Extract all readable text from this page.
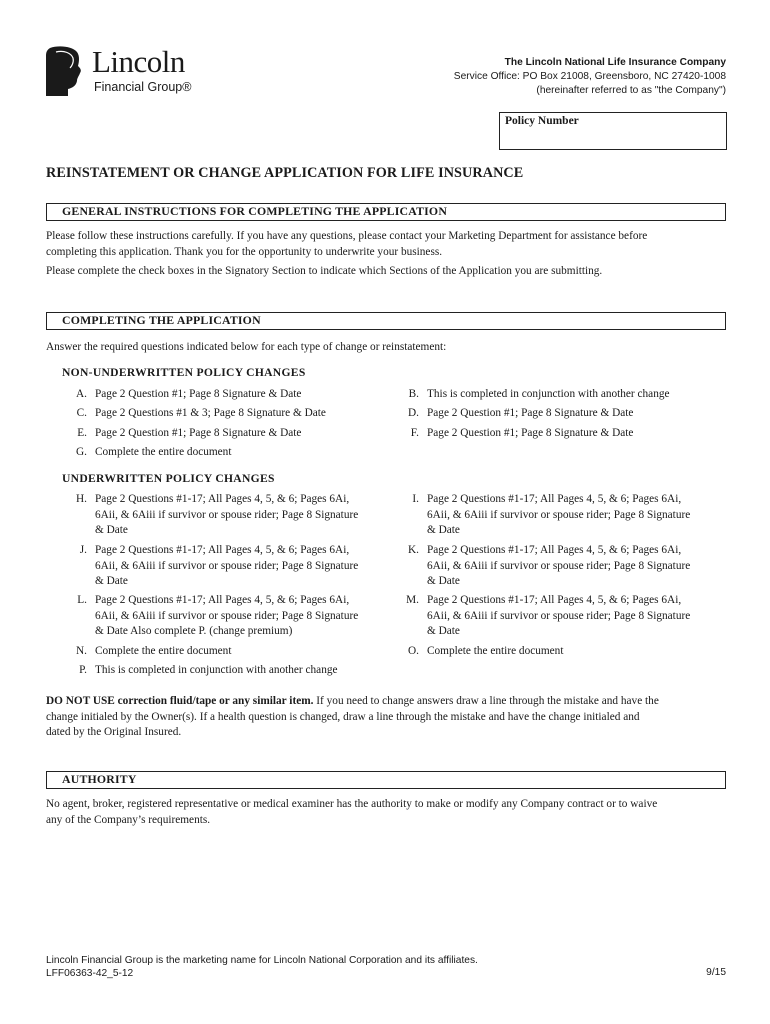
Lincoln
Financial Group®
The Lincoln National Life Insurance Company
Service Office: PO Box 21008, Greensboro, NC 27420-1008
(hereinafter referred to as "the Company")
Policy Number
REINSTATEMENT OR CHANGE APPLICATION FOR LIFE INSURANCE
GENERAL INSTRUCTIONS FOR COMPLETING THE APPLICATION
Please follow these instructions carefully. If you have any questions, please contact your Marketing Department for assistance before
completing this application. Thank you for the opportunity to underwrite your business.
Please complete the check boxes in the Signatory Section to indicate which Sections of the Application you are submitting.
COMPLETING THE APPLICATION
Answer the required questions indicated below for each type of change or reinstatement:
NON-UNDERWRITTEN POLICY CHANGES
A. Page 2 Question #1; Page 8 Signature & Date
C. Page 2 Questions #1 & 3; Page 8 Signature & Date
E. Page 2 Question #1; Page 8 Signature & Date
G. Complete the entire document
B. This is completed in conjunction with another change
D. Page 2 Question #1; Page 8 Signature & Date
F. Page 2 Question #1; Page 8 Signature & Date
UNDERWRITTEN POLICY CHANGES
H. Page 2 Questions #1-17; All Pages 4, 5, & 6; Pages 6Ai,
6Aii, & 6Aiii if survivor or spouse rider; Page 8 Signature
& Date
J. Page 2 Questions #1-17; All Pages 4, 5, & 6; Pages 6Ai,
6Aii, & 6Aiii if survivor or spouse rider; Page 8 Signature
& Date
L. Page 2 Questions #1-17; All Pages 4, 5, & 6; Pages 6Ai,
6Aii, & 6Aiii if survivor or spouse rider; Page 8 Signature
& Date Also complete P. (change premium)
N. Complete the entire document
P. This is completed in conjunction with another change
I. Page 2 Questions #1-17; All Pages 4, 5, & 6; Pages 6Ai,
6Aii, & 6Aiii if survivor or spouse rider; Page 8 Signature
& Date
K. Page 2 Questions #1-17; All Pages 4, 5, & 6; Pages 6Ai,
6Aii, & 6Aiii if survivor or spouse rider; Page 8 Signature
& Date
M. Page 2 Questions #1-17; All Pages 4, 5, & 6; Pages 6Ai,
6Aii, & 6Aiii if survivor or spouse rider; Page 8 Signature
& Date
O. Complete the entire document
DO NOT USE correction fluid/tape or any similar item. If you need to change answers draw a line through the mistake and have the
change initialed by the Owner(s). If a health question is changed, draw a line through the mistake and have the change initialed and
dated by the Original Insured.
AUTHORITY
No agent, broker, registered representative or medical examiner has the authority to make or modify any Company contract or to waive
any of the Company’s requirements.
Lincoln Financial Group is the marketing name for Lincoln National Corporation and its affiliates.
LFF06363-42_5-12	9/15
